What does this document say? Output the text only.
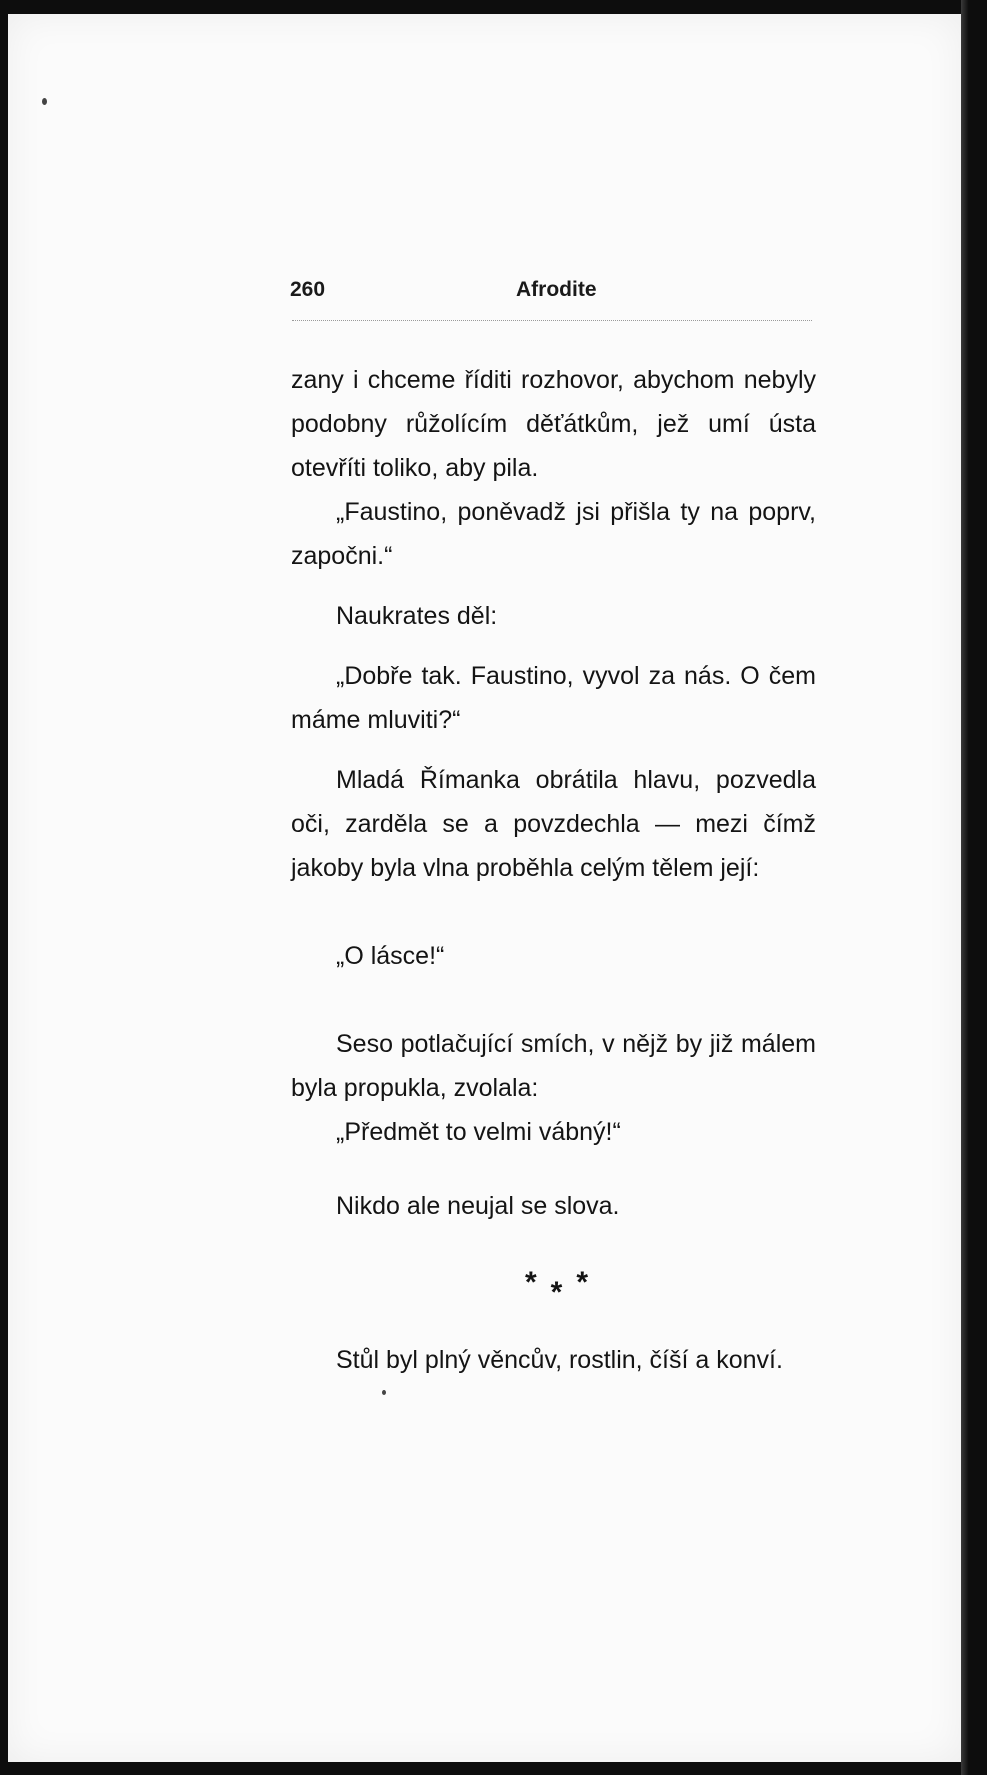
260	Afrodite

zany i chceme říditi rozhovor, abychom nebyly podobny růžolícím děťátkům, jež umí ústa otevříti toliko, aby pila.

„Faustino, poněvadž jsi přišla ty na poprv, započni.“

Naukrates děl:

„Dobře tak. Faustino, vyvol za nás. O čem máme mluviti?“

Mladá Římanka obrátila hlavu, pozvedla oči, zarděla se a povzdechla — mezi čímž jakoby byla vlna proběhla celým tělem její:

„O lásce!“

Seso potlačující smích, v nějž by již málem byla propukla, zvolala:

„Předmět to velmi vábný!“

Nikdo ale neujal se slova.

***

Stůl byl plný věncův, rostlin, číší a konví.
